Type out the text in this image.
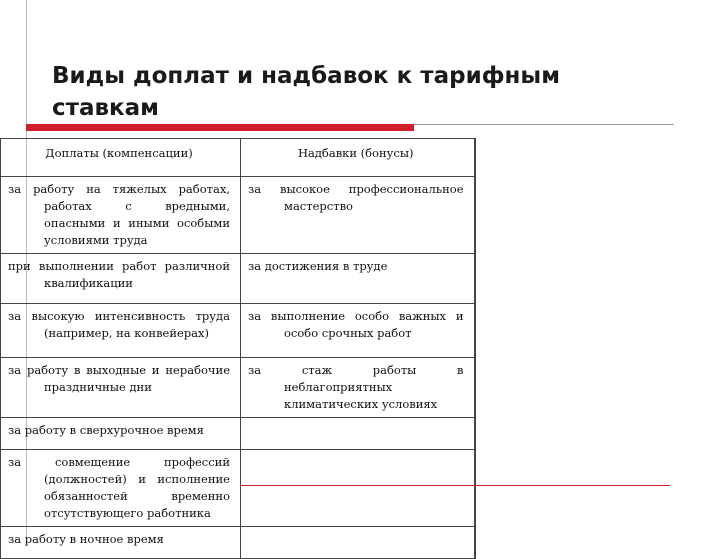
Виды доплат и надбавок к тарифным ставкам
Доплаты (компенсации)	Надбавки (бонусы)

за работу на тяжелых работах, работах с вредными, опасными и иными особыми условиями труда	за высокое профессиональное мастерство

при выполнении работ различной квалификации	за достижения в труде

за высокую интенсивность труда (например, на конвейерах)	за выполнение особо важных и особо срочных работ

за работу в выходные и нерабочие праздничные дни	за стаж работы в неблагоприятных климатических условиях

за работу в сверхурочное время	

за совмещение профессий (должностей) и исполнение обязанностей временно отсутствующего работника	

за работу в ночное время	
